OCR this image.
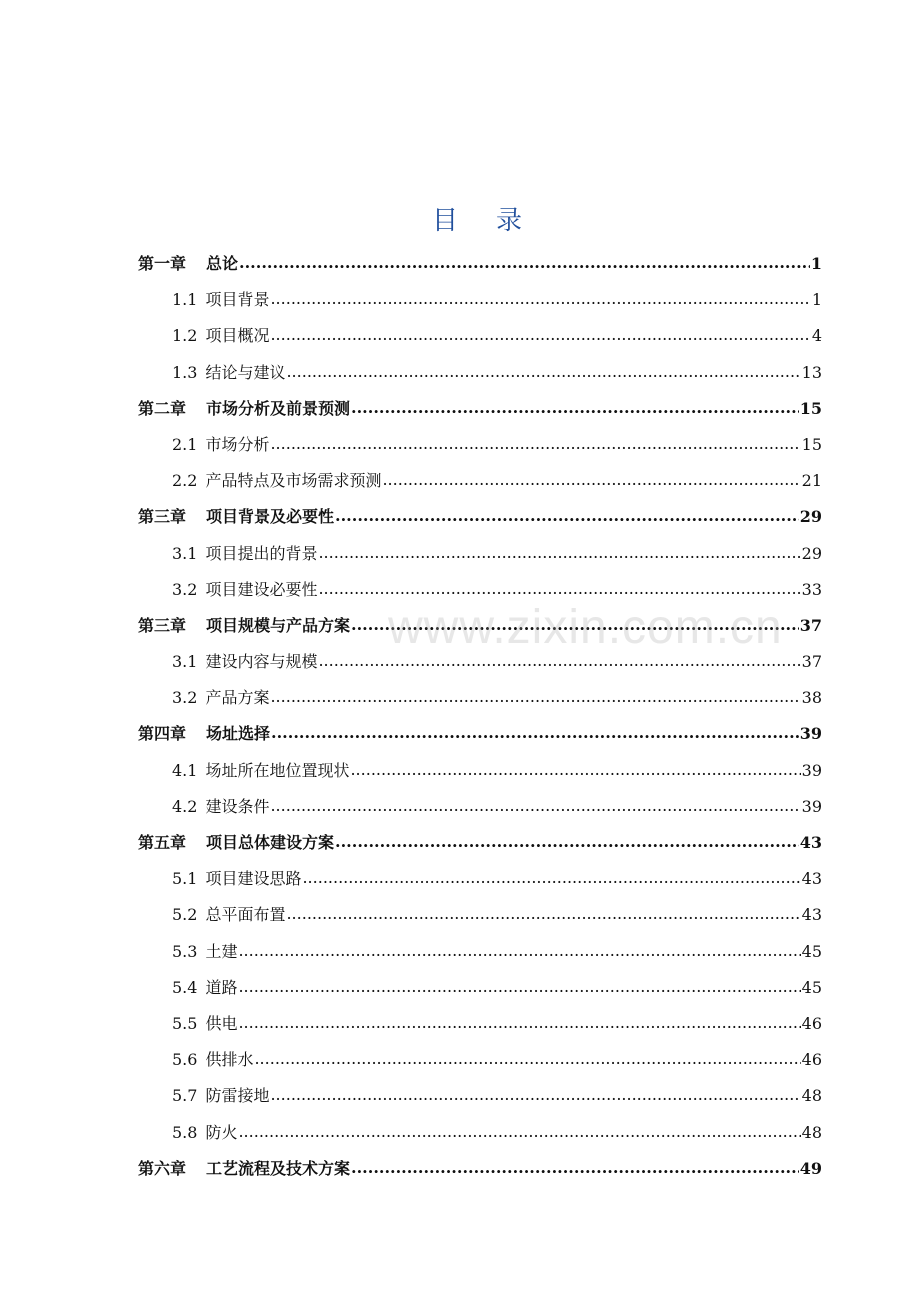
目 录
第一章 总论 .....	1
1.1 项目背景 .....	1
1.2 项目概况 .....	4
1.3 结论与建议 .....	13
第二章 市场分析及前景预测 .....	15
2.1 市场分析 .....	15
2.2 产品特点及市场需求预测 .....	21
第三章 项目背景及必要性 .....	29
3.1 项目提出的背景 .....	29
3.2 项目建设必要性 .....	33
第三章 项目规模与产品方案 .....	37
3.1 建设内容与规模 .....	37
3.2 产品方案 .....	38
第四章 场址选择 .....	39
4.1 场址所在地位置现状 .....	39
4.2 建设条件 .....	39
第五章 项目总体建设方案 .....	43
5.1 项目建设思路 .....	43
5.2 总平面布置 .....	43
5.3 土建 .....	45
5.4 道路 .....	45
5.5 供电 .....	46
5.6 供排水 .....	46
5.7 防雷接地 .....	48
5.8 防火 .....	48
第六章 工艺流程及技术方案 .....	49
www.zixin.com.cn
